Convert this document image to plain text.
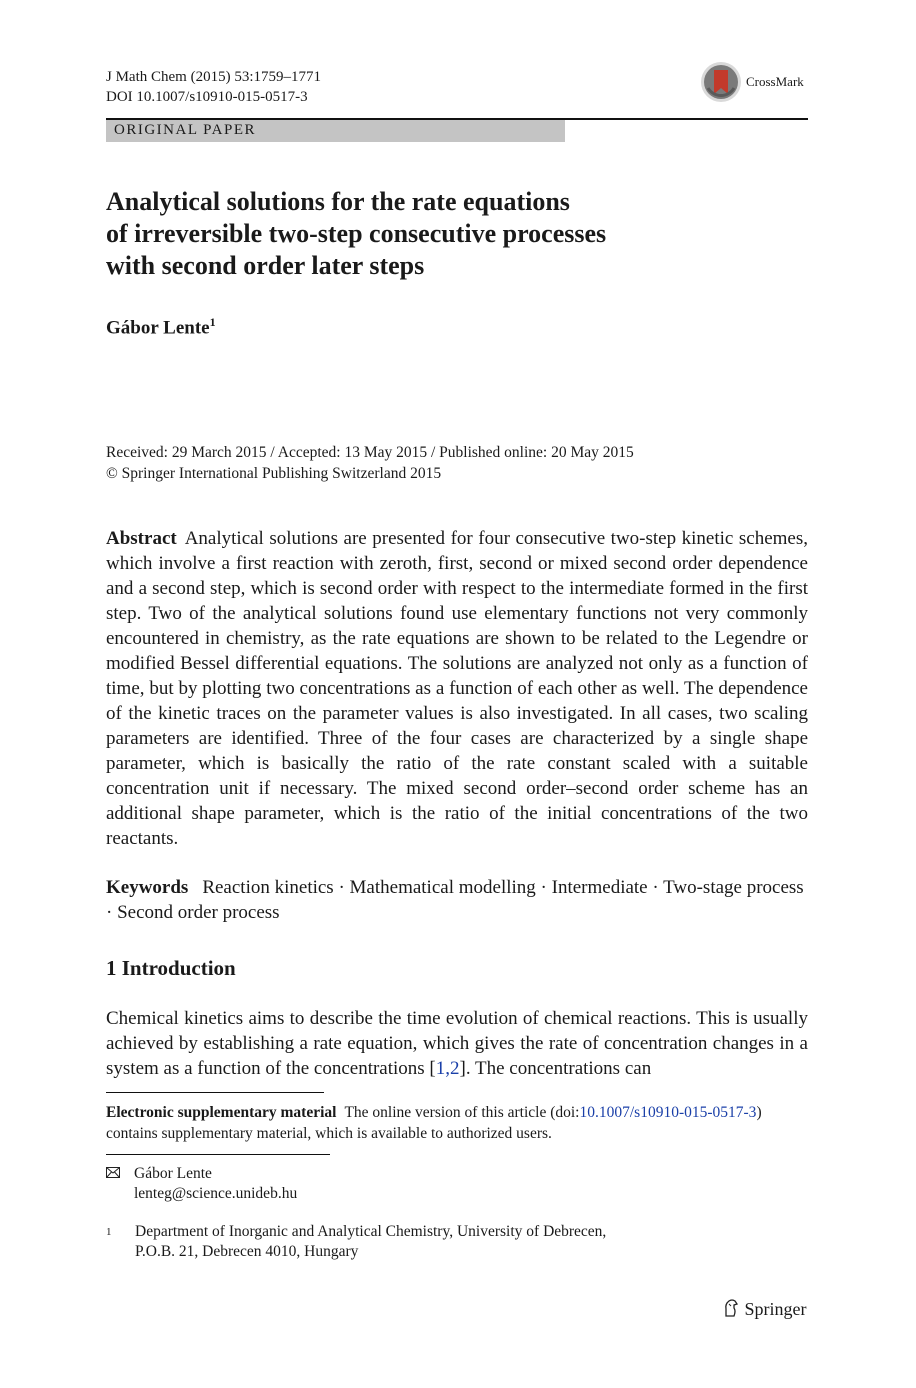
J Math Chem (2015) 53:1759–1771
DOI 10.1007/s10910-015-0517-3
CrossMark
ORIGINAL PAPER
Analytical solutions for the rate equations
of irreversible two-step consecutive processes
with second order later steps
Gábor Lente$^1$
Received: 29 March 2015 / Accepted: 13 May 2015 / Published online: 20 May 2015
© Springer International Publishing Switzerland 2015
Abstract Analytical solutions are presented for four consecutive two-step kinetic schemes, which involve a first reaction with zeroth, first, second or mixed second order dependence and a second step, which is second order with respect to the intermediate formed in the first step. Two of the analytical solutions found use elementary functions not very commonly encountered in chemistry, as the rate equations are shown to be related to the Legendre or modified Bessel differential equations. The solutions are analyzed not only as a function of time, but by plotting two concentrations as a function of each other as well. The dependence of the kinetic traces on the parameter values is also investigated. In all cases, two scaling parameters are identified. Three of the four cases are characterized by a single shape parameter, which is basically the ratio of the rate constant scaled with a suitable concentration unit if necessary. The mixed second order–second order scheme has an additional shape parameter, which is the ratio of the initial concentrations of the two reactants.
Keywords Reaction kinetics · Mathematical modelling · Intermediate · Two-stage process · Second order process
1 Introduction
Chemical kinetics aims to describe the time evolution of chemical reactions. This is usually achieved by establishing a rate equation, which gives the rate of concentration changes in a system as a function of the concentrations [1,2]. The concentrations can
Electronic supplementary material The online version of this article (doi:10.1007/s10910-015-0517-3) contains supplementary material, which is available to authorized users.
Gábor Lente
lenteg@science.unideb.hu
1	Department of Inorganic and Analytical Chemistry, University of Debrecen,
P.O.B. 21, Debrecen 4010, Hungary
Springer
